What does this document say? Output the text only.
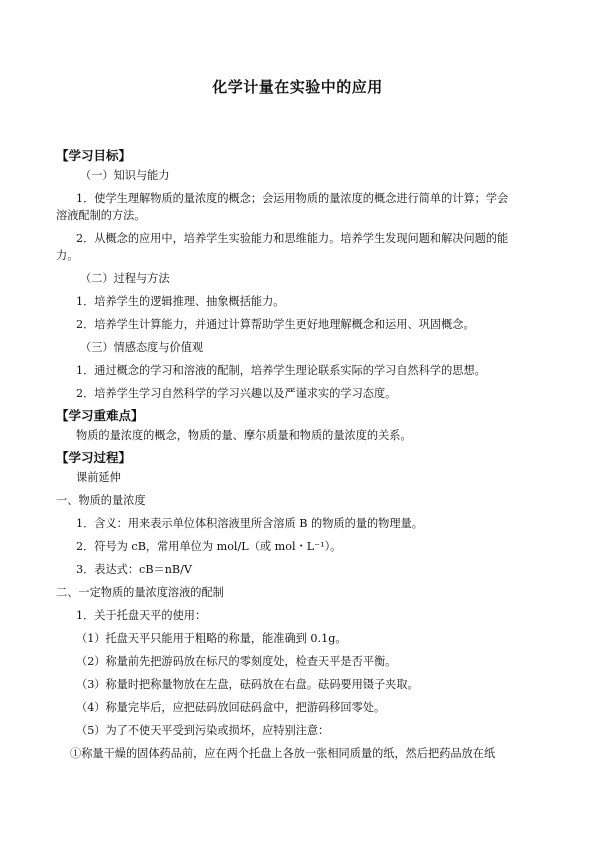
化学计量在实验中的应用
【学习目标】

（一）知识与能力

1．使学生理解物质的量浓度的概念；会运用物质的量浓度的概念进行简单的计算；学会

溶液配制的方法。

2．从概念的应用中，培养学生实验能力和思维能力。培养学生发现问题和解决问题的能

力。

（二）过程与方法

1．培养学生的逻辑推理、抽象概括能力。

2．培养学生计算能力，并通过计算帮助学生更好地理解概念和运用、巩固概念。

（三）情感态度与价值观

1．通过概念的学习和溶液的配制，培养学生理论联系实际的学习自然科学的思想。

2．培养学生学习自然科学的学习兴趣以及严谨求实的学习态度。

【学习重难点】

物质的量浓度的概念，物质的量、摩尔质量和物质的量浓度的关系。

【学习过程】

课前延伸

一、物质的量浓度

1．含义：用来表示单位体积溶液里所含溶质 B 的物质的量的物理量。

2．符号为 cB，常用单位为 mol/L（或 mol・L⁻¹）。

3．表达式：cB＝nB/V

二、一定物质的量浓度溶液的配制

1．关于托盘天平的使用：

（1）托盘天平只能用于粗略的称量，能准确到 0.1g。

（2）称量前先把游码放在标尺的零刻度处，检查天平是否平衡。

（3）称量时把称量物放在左盘，砝码放在右盘。砝码要用镊子夹取。

（4）称量完毕后，应把砝码放回砝码盒中，把游码移回零处。

（5）为了不使天平受到污染或损坏，应特别注意：

①称量干燥的固体药品前，应在两个托盘上各放一张相同质量的纸，然后把药品放在纸
